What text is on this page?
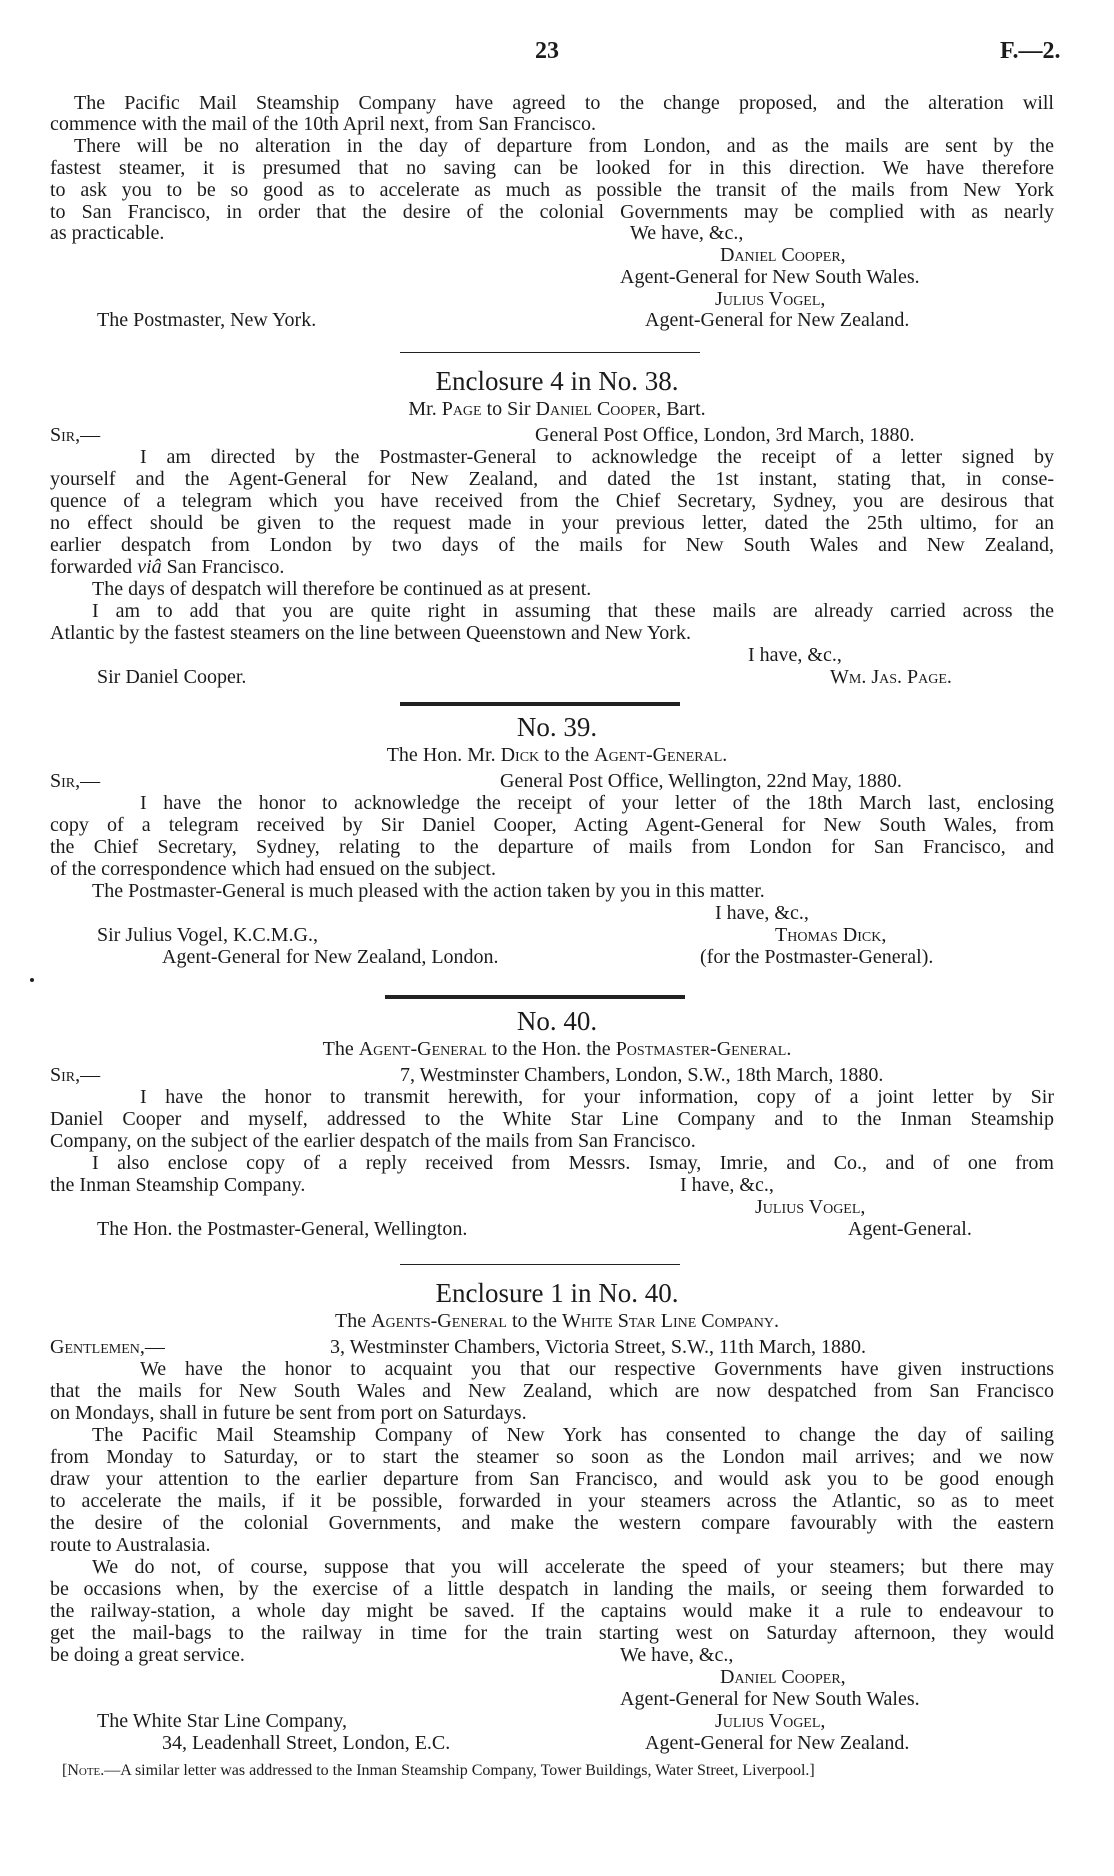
23	F.—2.
The Pacific Mail Steamship Company have agreed to the change proposed, and the alteration will
commence with the mail of the 10th April next, from San Francisco.
There will be no alteration in the day of departure from London, and as the mails are sent by the
fastest steamer, it is presumed that no saving can be looked for in this direction. We have therefore
to ask you to be so good as to accelerate as much as possible the transit of the mails from New York
to San Francisco, in order that the desire of the colonial Governments may be complied with as nearly
as practicable.	We have, &c.,
Daniel Cooper,
Agent-General for New South Wales.
Julius Vogel,
The Postmaster, New York.	Agent-General for New Zealand.
Enclosure 4 in No. 38.
Mr. Page to Sir Daniel Cooper, Bart.
Sir,—	General Post Office, London, 3rd March, 1880.
I am directed by the Postmaster-General to acknowledge the receipt of a letter signed by
yourself and the Agent-General for New Zealand, and dated the 1st instant, stating that, in conse-
quence of a telegram which you have received from the Chief Secretary, Sydney, you are desirous that
no effect should be given to the request made in your previous letter, dated the 25th ultimo, for an
earlier despatch from London by two days of the mails for New South Wales and New Zealand,
forwarded viâ San Francisco.
The days of despatch will therefore be continued as at present.
I am to add that you are quite right in assuming that these mails are already carried across the
Atlantic by the fastest steamers on the line between Queenstown and New York.
I have, &c.,
Sir Daniel Cooper.	Wm. Jas. Page.
No. 39.
The Hon. Mr. Dick to the Agent-General.
Sir,—	General Post Office, Wellington, 22nd May, 1880.
I have the honor to acknowledge the receipt of your letter of the 18th March last, enclosing
copy of a telegram received by Sir Daniel Cooper, Acting Agent-General for New South Wales, from
the Chief Secretary, Sydney, relating to the departure of mails from London for San Francisco, and
of the correspondence which had ensued on the subject.
The Postmaster-General is much pleased with the action taken by you in this matter.
I have, &c.,
Sir Julius Vogel, K.C.M.G.,	Thomas Dick,
Agent-General for New Zealand, London.	(for the Postmaster-General).
No. 40.
The Agent-General to the Hon. the Postmaster-General.
Sir,—	7, Westminster Chambers, London, S.W., 18th March, 1880.
I have the honor to transmit herewith, for your information, copy of a joint letter by Sir
Daniel Cooper and myself, addressed to the White Star Line Company and to the Inman Steamship
Company, on the subject of the earlier despatch of the mails from San Francisco.
I also enclose copy of a reply received from Messrs. Ismay, Imrie, and Co., and of one from
the Inman Steamship Company.	I have, &c.,
Julius Vogel,
The Hon. the Postmaster-General, Wellington.	Agent-General.
Enclosure 1 in No. 40.
The Agents-General to the White Star Line Company.
Gentlemen,—	3, Westminster Chambers, Victoria Street, S.W., 11th March, 1880.
We have the honor to acquaint you that our respective Governments have given instructions
that the mails for New South Wales and New Zealand, which are now despatched from San Francisco
on Mondays, shall in future be sent from port on Saturdays.
The Pacific Mail Steamship Company of New York has consented to change the day of sailing
from Monday to Saturday, or to start the steamer so soon as the London mail arrives; and we now
draw your attention to the earlier departure from San Francisco, and would ask you to be good enough
to accelerate the mails, if it be possible, forwarded in your steamers across the Atlantic, so as to meet
the desire of the colonial Governments, and make the western compare favourably with the eastern
route to Australasia.
We do not, of course, suppose that you will accelerate the speed of your steamers; but there may
be occasions when, by the exercise of a little despatch in landing the mails, or seeing them forwarded to
the railway-station, a whole day might be saved. If the captains would make it a rule to endeavour to
get the mail-bags to the railway in time for the train starting west on Saturday afternoon, they would
be doing a great service.	We have, &c.,
Daniel Cooper,
Agent-General for New South Wales.
The White Star Line Company,	Julius Vogel,
34, Leadenhall Street, London, E.C.	Agent-General for New Zealand.
[Note.—A similar letter was addressed to the Inman Steamship Company, Tower Buildings, Water Street, Liverpool.]
